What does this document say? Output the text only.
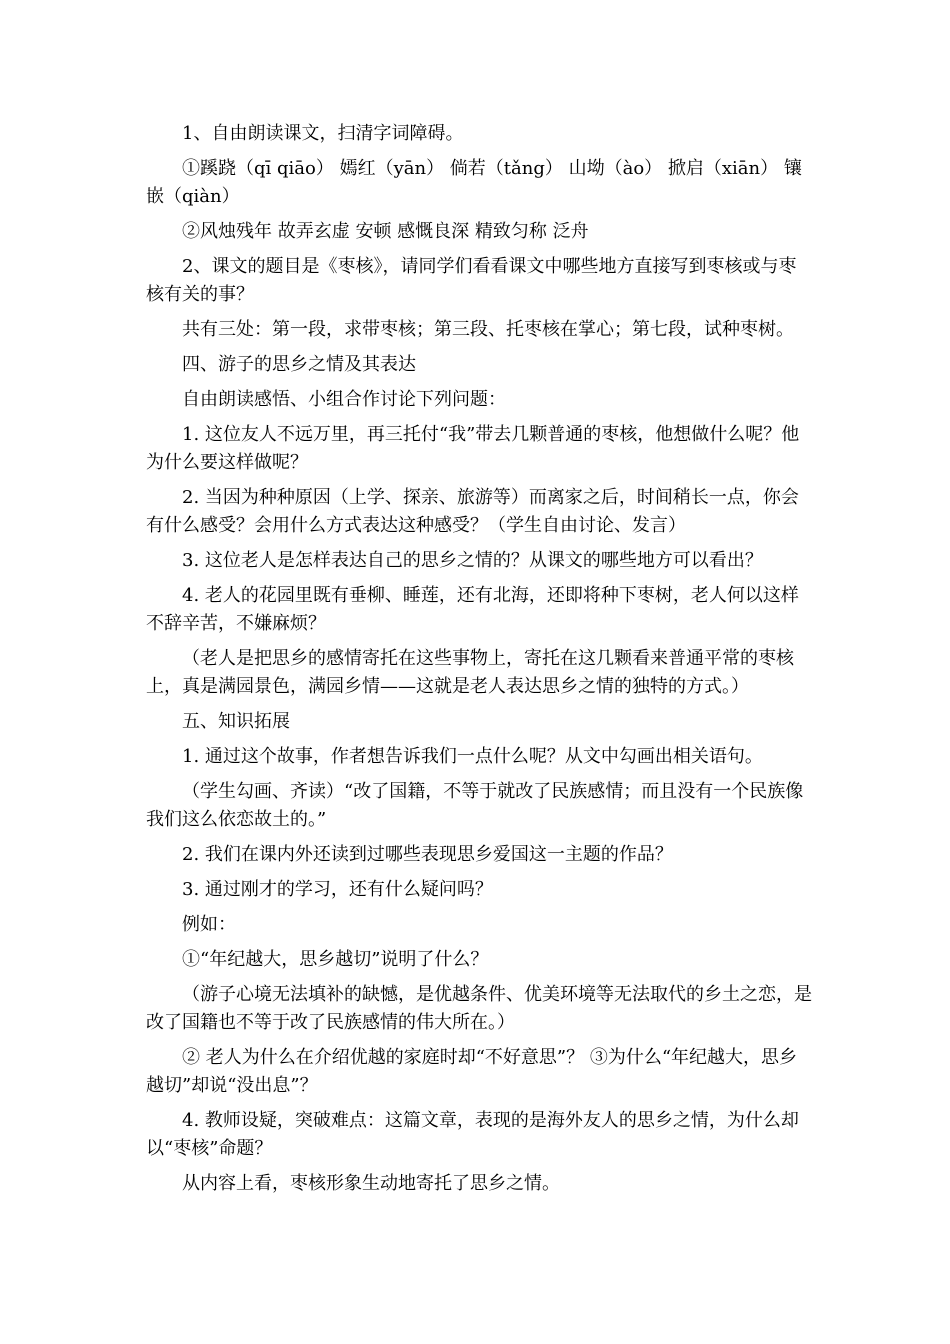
1、自由朗读课文，扫清字词障碍。

①蹊跷（qī qiāo） 嫣红（yān） 倘若（tǎng） 山坳（ào） 掀启（xiān） 镶嵌（qiàn）

②风烛残年 故弄玄虚 安顿 感慨良深 精致匀称 泛舟

2、课文的题目是《枣核》，请同学们看看课文中哪些地方直接写到枣核或与枣核有关的事？

共有三处：第一段，求带枣核；第三段、托枣核在掌心；第七段，试种枣树。

四、游子的思乡之情及其表达

自由朗读感悟、小组合作讨论下列问题：

1. 这位友人不远万里，再三托付“我”带去几颗普通的枣核，他想做什么呢？他为什么要这样做呢？

2. 当因为种种原因（上学、探亲、旅游等）而离家之后，时间稍长一点，你会有什么感受？会用什么方式表达这种感受？（学生自由讨论、发言）

3. 这位老人是怎样表达自己的思乡之情的？从课文的哪些地方可以看出？

4. 老人的花园里既有垂柳、睡莲，还有北海，还即将种下枣树，老人何以这样不辞辛苦，不嫌麻烦？

（老人是把思乡的感情寄托在这些事物上，寄托在这几颗看来普通平常的枣核上，真是满园景色，满园乡情——这就是老人表达思乡之情的独特的方式。）

五、知识拓展

1. 通过这个故事，作者想告诉我们一点什么呢？从文中勾画出相关语句。

（学生勾画、齐读）“改了国籍，不等于就改了民族感情；而且没有一个民族像我们这么依恋故土的。”

2. 我们在课内外还读到过哪些表现思乡爱国这一主题的作品？

3. 通过刚才的学习，还有什么疑问吗？

例如：

①“年纪越大，思乡越切”说明了什么？

（游子心境无法填补的缺憾，是优越条件、优美环境等无法取代的乡土之恋，是改了国籍也不等于改了民族感情的伟大所在。）

② 老人为什么在介绍优越的家庭时却“不好意思”？ ③为什么“年纪越大，思乡越切”却说“没出息”？

4. 教师设疑，突破难点：这篇文章，表现的是海外友人的思乡之情，为什么却以“枣核”命题？

从内容上看，枣核形象生动地寄托了思乡之情。
